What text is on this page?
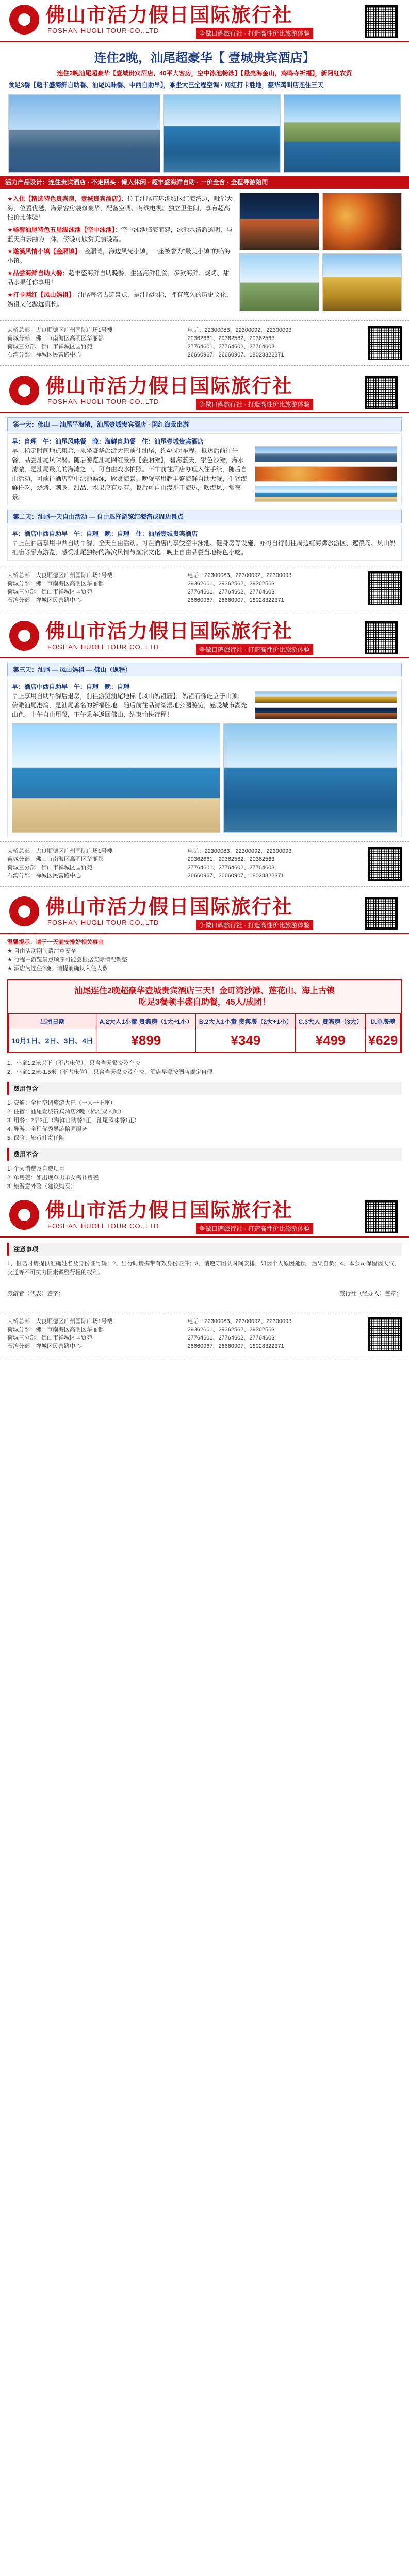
佛山市活力假日国际旅行社
FOSHAN HUOLI TOUR CO.,LTD	争做口碑旅行社 · 打造高性价比旅游体验
连住2晚，汕尾超豪华【 壹城贵宾酒店】
连住2晚汕尾超豪华【壹城贵宾酒店，40平大客房，空中泳池畅泳】【悬亮海金山，鸡鸣寺祈福】，新阿红农贸
食足3餐【超丰盛海鲜自助餐、汕尾风味餐、中西自助早】，乘坐大巴全程空调 · 网红打卡胜地，豪华鸡叫店连住三天
活力产品设计：连住贵宾酒店 · 不走回头 · 懒人休闲 · 超丰盛海鲜自助 · 一价全含 · 全程导游陪同
★入住【精选特色贵宾房，壹城贵宾酒店】：位于汕尾市环港城区红海湾边，毗邻大海，位置优越，海景客房装修豪华，配备空调、有线电视、独立卫生间，享有超高性价比体验！
★畅游汕尾特色五星级泳池【空中泳池】：空中泳池临海而建，泳池水清澈透明，与蓝天白云融为一体，傍晚可欣赏美丽晚霞。
★遂溪风情小镇【金厢镇】：金厢滩，海边风光小镇，一座被誉为“最美小镇”的临海小镇。
★品尝海鲜自助大餐：超丰盛海鲜自助晚餐，生猛海鲜任食，多款海鲜、烧烤、甜品水果任你享用！
★打卡网红【凤山妈祖】：汕尾著名古迹景点，是汕尾地标，拥有悠久的历史文化，妈祖文化源远流长。
大桥总部：大良顺德区广州国际广场1号楼
荷城分部：佛山市南海区高明区华丽都
荷城三分部：佛山市禅城区国贸苑
石湾分部：禅城区民营路中心
电话：22300083、22300092、22300093
29362661、29362562、29362563
27764601、27764602、27764603
26660967、26660907、18028322371
佛山市活力假日国际旅行社
FOSHAN HUOLI TOUR CO.,LTD	争做口碑旅行社 · 打造高性价比旅游体验
第一天：佛山 — 汕尾平海镇，汕尾壹城贵宾酒店 · 网红海景出游
早：自理　午：汕尾风味餐　晚：海鲜自助餐　住：汕尾壹城贵宾酒店
早上指定时间地点集合，乘坐豪华旅游大巴前往汕尾，约4小时车程。抵达后前往午餐，品尝汕尾风味餐。随后游览汕尾网红景点【金厢滩】，碧海蓝天，银色沙滩，海水清澈，是汕尾最美的海滩之一，可自由戏水拍照。下午前往酒店办理入住手续，随后自由活动，可前往酒店空中泳池畅泳，欣赏海景。晚餐享用超丰盛海鲜自助大餐，生猛海鲜任吃，烧烤、刺身、甜品、水果应有尽有。餐后可自由漫步于海边，吹海风，赏夜景。
第二天：汕尾一天自由活动 — 自由选择游览红海湾或周边景点
早：酒店中西自助早　午：自理　晚：自理　住：汕尾壹城贵宾酒店
早上在酒店享用中西自助早餐，全天自由活动。可在酒店内享受空中泳池、健身房等设施，亦可自行前往周边红海湾旅游区、遮浪岛、凤山妈祖庙等景点游览，感受汕尾独特的海滨风情与渔家文化。晚上自由品尝当地特色小吃。
大桥总部：大良顺德区广州国际广场1号楼
荷城分部：佛山市南海区高明区华丽都
荷城三分部：佛山市禅城区国贸苑
石湾分部：禅城区民营路中心
电话：22300083、22300092、22300093
29362661、29362562、29362563
27764601、27764602、27764603
26660967、26660907、18028322371
佛山市活力假日国际旅行社
FOSHAN HUOLI TOUR CO.,LTD	争做口碑旅行社 · 打造高性价比旅游体验
第三天：汕尾 — 凤山妈祖 — 佛山（返程）
早：酒店中西自助早　午：自理　晚：自理
早上享用自助早餐后退房，前往游览汕尾地标【凤山妈祖庙】，妈祖石像屹立于山顶，俯瞰汕尾港湾，是汕尾著名的祈福胜地。随后前往品清湖湿地公园游览，感受城市湖光山色。中午自由用餐，下午乘车返回佛山，结束愉快行程！
大桥总部：大良顺德区广州国际广场1号楼
荷城分部：佛山市南海区高明区华丽都
荷城三分部：佛山市禅城区国贸苑
石湾分部：禅城区民营路中心
电话：22300083、22300092、22300093
29362661、29362562、29362563
27764601、27764602、27764603
26660967、26660907、18028322371
佛山市活力假日国际旅行社
FOSHAN HUOLI TOUR CO.,LTD	争做口碑旅行社 · 打造高性价比旅游体验
温馨提示：请于一天前安排好相关事宜
★ 自由活动期间请注意安全
★ 行程中游览景点顺序可能会根据实际情况调整
★ 酒店为连住2晚，请提前确认入住人数
汕尾连住2晚超豪华壹城贵宾酒店三天！金町湾沙滩、莲花山、海上古镇
吃足3餐顿丰盛自助餐，45人/成团！
出团日期	A.2大人1小童 贵宾房（1大+1小）	B.2大人1小童 贵宾房（2大+1小）	C.3大人 贵宾房（3大）	D.单房差
10月1日、2日、3日、4日	¥899	¥349	¥499	¥629
1、小童1.2米以下（不占床位）：只含当天餐费及车费
2、小童1.2米-1.5米（不占床位）：只含当天餐费及车费，酒店早餐按酒店规定自理
费用包含
1. 交通：全程空调旅游大巴（一人一正座）
2. 住宿：汕尾壹城贵宾酒店2晚（标准双人间）
3. 用餐：2早2正（海鲜自助餐1正，汕尾风味餐1正）
4. 导游：全程优秀导游陪同服务
5. 保险：旅行社责任险
费用不含
1. 个人消费及自费项目
2. 单房差：如出现单男单女需补房差
3. 旅游意外险（建议购买）
佛山市活力假日国际旅行社
FOSHAN HUOLI TOUR CO.,LTD	争做口碑旅行社 · 打造高性价比旅游体验
注意事项
1、报名时请提供准确姓名及身份证号码；2、出行时请携带有效身份证件；3、请遵守团队时间安排，如因个人原因延误，后果自负；4、本公司保留因天气、交通等不可抗力因素调整行程的权利。
旅游者（代表）签字：	旅行社（经办人）盖章：
大桥总部：大良顺德区广州国际广场1号楼
荷城分部：佛山市南海区高明区华丽都
荷城三分部：佛山市禅城区国贸苑
石湾分部：禅城区民营路中心
电话：22300083、22300092、22300093
29362661、29362562、29362563
27764601、27764602、27764603
26660967、26660907、18028322371
